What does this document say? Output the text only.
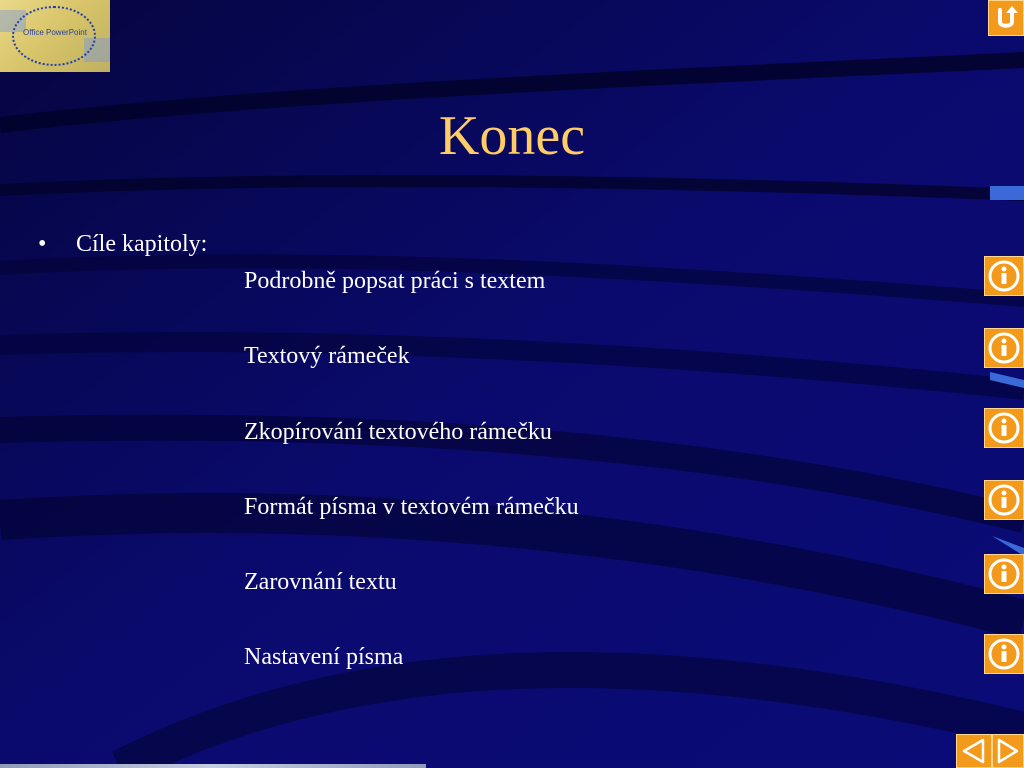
Office PowerPoint
Konec
• Cíle kapitoly:
Podrobně popsat práci s textem
Textový rámeček
Zkopírování textového rámečku
Formát písma v textovém rámečku
Zarovnání textu
Nastavení písma
